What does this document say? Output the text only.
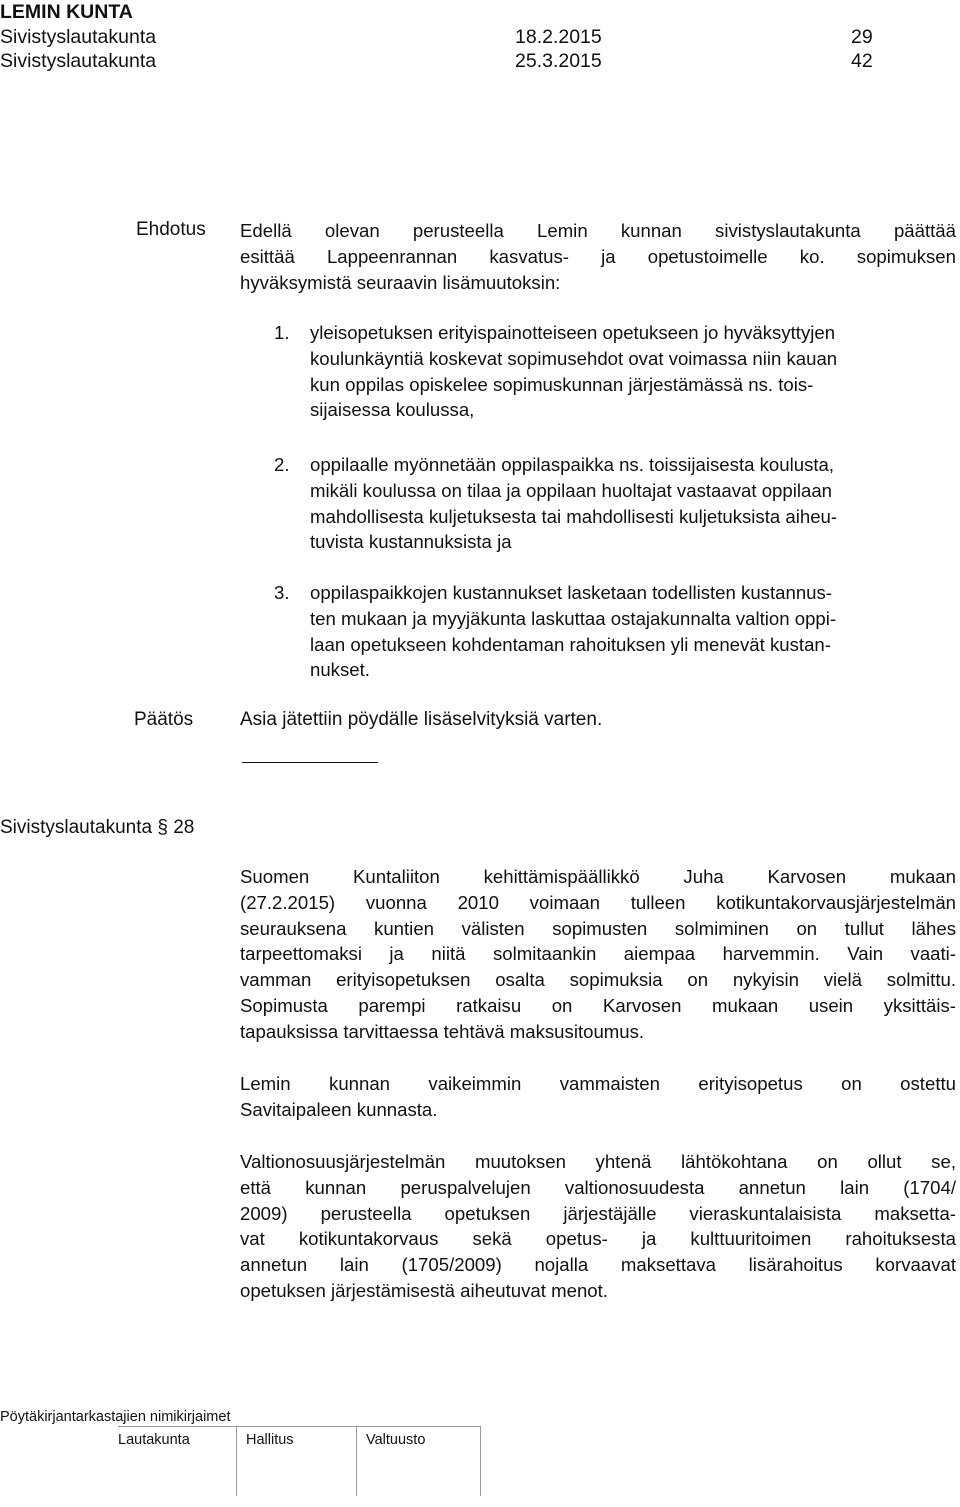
LEMIN KUNTA
Sivistyslautakunta	18.2.2015	29
Sivistyslautakunta	25.3.2015	42
Ehdotus Edellä olevan perusteella Lemin kunnan sivistyslautakunta päättää
esittää Lappeenrannan kasvatus- ja opetustoimelle ko. sopimuksen
hyväksymistä seuraavin lisämuutoksin:
1. yleisopetuksen erityispainotteiseen opetukseen jo hyväksyttyjen
koulunkäyntiä koskevat sopimusehdot ovat voimassa niin kauan
kun oppilas opiskelee sopimuskunnan järjestämässä ns. tois-
sijaisessa koulussa,
2. oppilaalle myönnetään oppilaspaikka ns. toissijaisesta koulusta,
mikäli koulussa on tilaa ja oppilaan huoltajat vastaavat oppilaan
mahdollisesta kuljetuksesta tai mahdollisesti kuljetuksista aiheu-
tuvista kustannuksista ja
3. oppilaspaikkojen kustannukset lasketaan todellisten kustannus-
ten mukaan ja myyjäkunta laskuttaa ostajakunnalta valtion oppi-
laan opetukseen kohdentaman rahoituksen yli menevät kustan-
nukset.
Päätös Asia jätettiin pöydälle lisäselvityksiä varten.
Sivistyslautakunta § 28
Suomen Kuntaliiton kehittämispäällikkö Juha Karvosen mukaan
(27.2.2015) vuonna 2010 voimaan tulleen kotikuntakorvausjärjestelmän
seurauksena kuntien välisten sopimusten solmiminen on tullut lähes
tarpeettomaksi ja niitä solmitaankin aiempaa harvemmin. Vain vaati-
vamman erityisopetuksen osalta sopimuksia on nykyisin vielä solmittu.
Sopimusta parempi ratkaisu on Karvosen mukaan usein yksittäis-
tapauksissa tarvittaessa tehtävä maksusitoumus.
Lemin kunnan vaikeimmin vammaisten erityisopetus on ostettu
Savitaipaleen kunnasta.
Valtionosuusjärjestelmän muutoksen yhtenä lähtökohtana on ollut se,
että kunnan peruspalvelujen valtionosuudesta annetun lain (1704/
2009) perusteella opetuksen järjestäjälle vieraskuntalaisista maksetta-
vat kotikuntakorvaus sekä opetus- ja kulttuuritoimen rahoituksesta
annetun lain (1705/2009) nojalla maksettava lisärahoitus korvaavat
opetuksen järjestämisestä aiheutuvat menot.
Pöytäkirjantarkastajien nimikirjaimet
Lautakunta	Hallitus	Valtuusto
